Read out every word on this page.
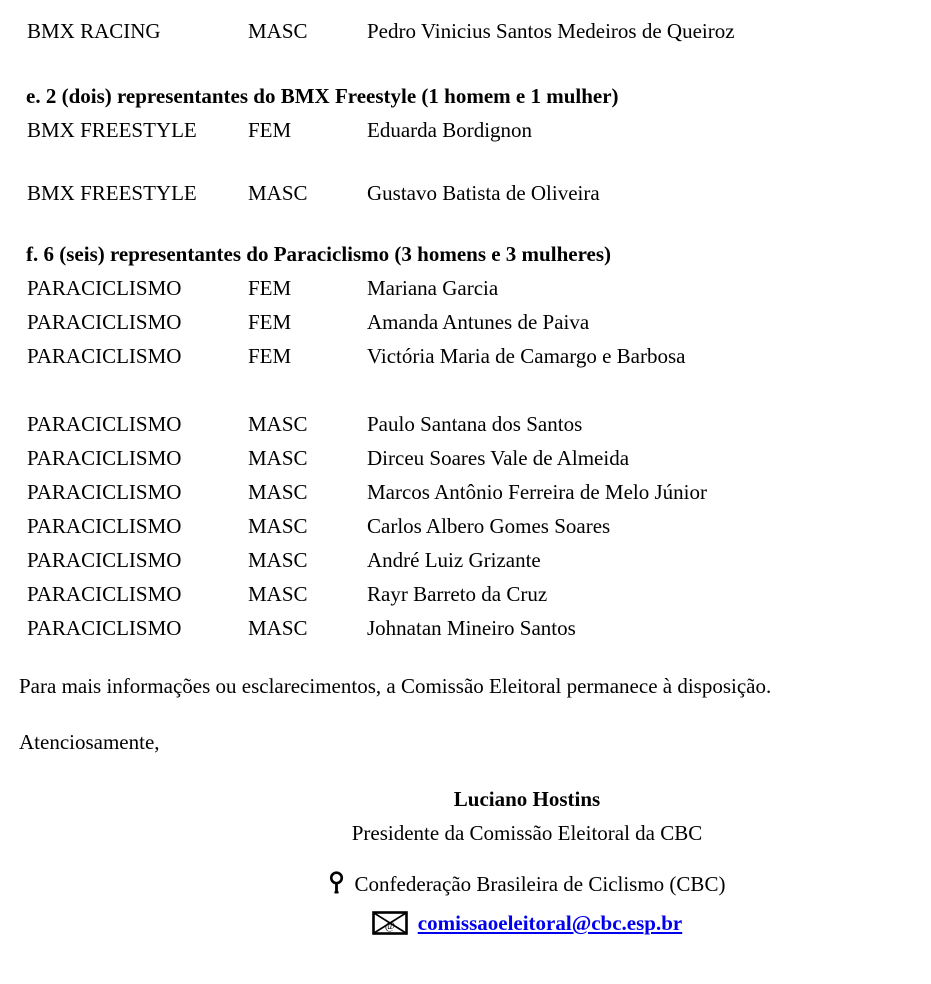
BMX RACING	MASC	Pedro Vinicius Santos Medeiros de Queiroz
e. 2 (dois) representantes do BMX Freestyle (1 homem e 1 mulher)
BMX FREESTYLE	FEM	Eduarda Bordignon
BMX FREESTYLE	MASC	Gustavo Batista de Oliveira
f. 6 (seis) representantes do Paraciclismo (3 homens e 3 mulheres)
PARACICLISMO	FEM	Mariana Garcia
PARACICLISMO	FEM	Amanda Antunes de Paiva
PARACICLISMO	FEM	Victória Maria de Camargo e Barbosa
PARACICLISMO	MASC	Paulo Santana dos Santos
PARACICLISMO	MASC	Dirceu Soares Vale de Almeida
PARACICLISMO	MASC	Marcos Antônio Ferreira de Melo Júnior
PARACICLISMO	MASC	Carlos Albero Gomes Soares
PARACICLISMO	MASC	André Luiz Grizante
PARACICLISMO	MASC	Rayr Barreto da Cruz
PARACICLISMO	MASC	Johnatan Mineiro Santos
Para mais informações ou esclarecimentos, a Comissão Eleitoral permanece à disposição.
Atenciosamente,
Luciano Hostins
Presidente da Comissão Eleitoral da CBC
Confederação Brasileira de Ciclismo (CBC)
@ comissaoeleitoral@cbc.esp.br
